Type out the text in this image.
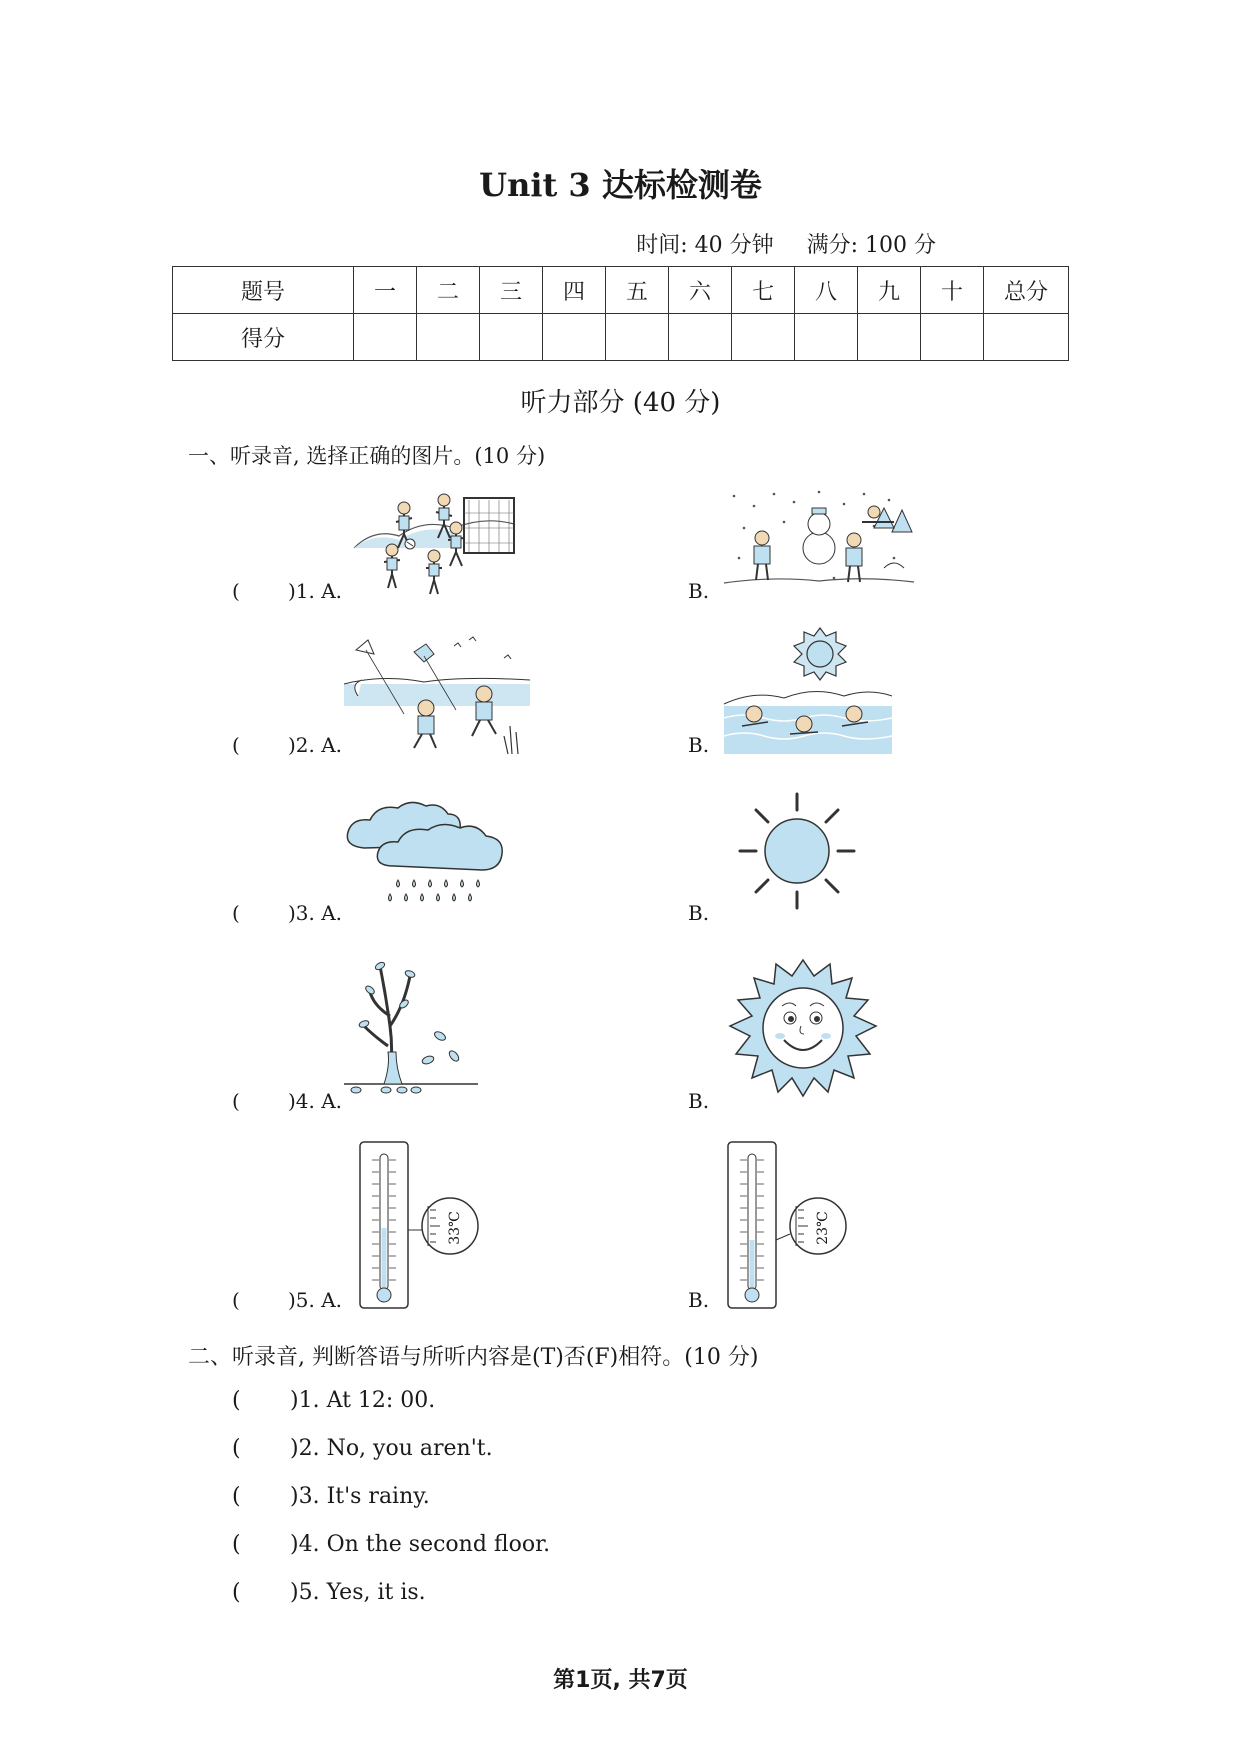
Unit 3 达标检测卷
时间: 40 分钟 满分: 100 分
题号	一	二	三	四	五	六	七	八	九	十	总分
得分											
听力部分 (40 分)
一、听录音, 选择正确的图片。(10 分)
( )1. A.	B.
( )2. A.	B.
( )3. A.	B.
( )4. A.	B.
( )5. A.	B.
33℃	23℃
二、听录音, 判断答语与所听内容是(T)否(F)相符。(10 分)
( )1. At 12: 00.
( )2. No, you aren't.
( )3. It's rainy.
( )4. On the second floor.
( )5. Yes, it is.
第1页, 共7页
